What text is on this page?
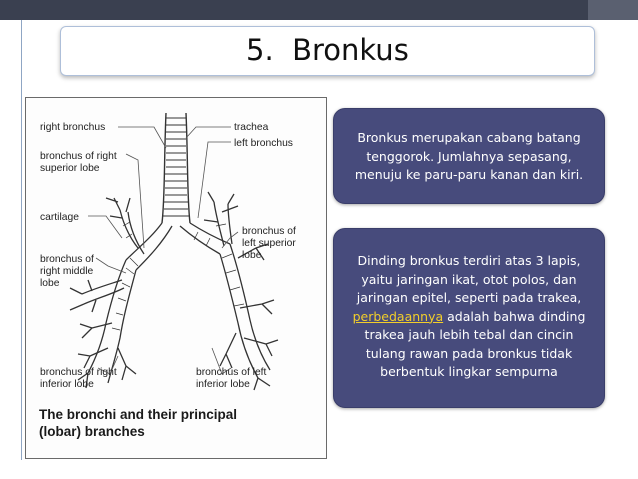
5.  Bronkus
right bronchus
bronchus of right
superior lobe
cartilage
bronchus of
right middle
lobe
bronchus of right
inferior lobe
trachea
left bronchus
bronchus of
left superior
lobe
bronchus of left
inferior lobe
The bronchi and their principal (lobar) branches
Bronkus merupakan cabang batang tenggorok. Jumlahnya sepasang, menuju ke paru-paru kanan dan kiri.
Dinding bronkus terdiri atas 3 lapis, yaitu jaringan ikat, otot polos, dan jaringan epitel, seperti pada trakea, perbedaannya adalah bahwa dinding trakea jauh lebih tebal dan cincin tulang rawan pada bronkus tidak berbentuk lingkar sempurna
